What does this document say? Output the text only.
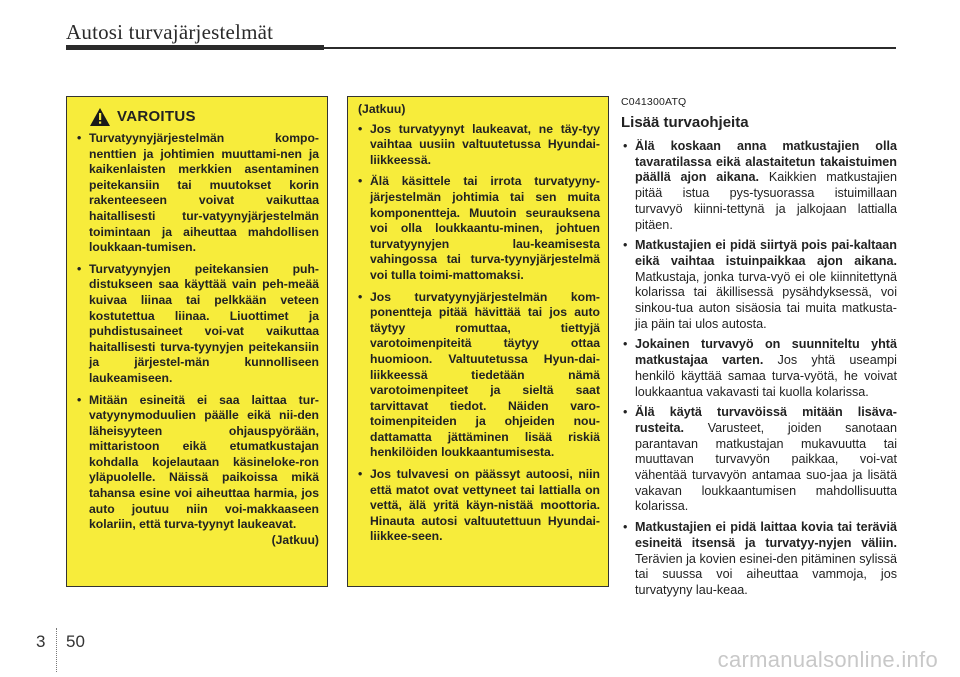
Autosi turvajärjestelmät
VAROITUS
• Turvatyynyjärjestelmän kompo-nenttien ja johtimien muuttami-nen ja kaikenlaisten merkkien asentaminen peitekansiin tai muutokset korin rakenteeseen voivat vaikuttaa haitallisesti tur-vatyynyjärjestelmän toimintaan ja aiheuttaa mahdollisen loukkaan-tumisen.
• Turvatyynyjen peitekansien puh-distukseen saa käyttää vain peh-meää kuivaa liinaa tai pelkkään veteen kostutettua liinaa. Liuottimet ja puhdistusaineet voi-vat vaikuttaa haitallisesti turva-tyynyjen peitekansiin ja järjestel-män kunnolliseen laukeamiseen.
• Mitään esineitä ei saa laittaa tur-vatyynymoduulien päälle eikä nii-den läheisyyteen ohjauspyörään, mittaristoon eikä etumatkustajan kohdalla kojelautaan käsineloke-ron yläpuolelle. Näissä paikoissa mikä tahansa esine voi aiheuttaa harmia, jos auto joutuu niin voi-makkaaseen kolariin, että turva-tyynyt laukeavat.
(Jatkuu)
(Jatkuu)
• Jos turvatyynyt laukeavat, ne täy-tyy vaihtaa uusiin valtuutetussa Hyundai-liikkeessä.
• Älä käsittele tai irrota turvatyyny-järjestelmän johtimia tai sen muita komponentteja. Muutoin seurauksena voi olla loukkaantu-minen, johtuen turvatyynyjen lau-keamisesta vahingossa tai turva-tyynyjärjestelmä voi tulla toimi-mattomaksi.
• Jos turvatyynyjärjestelmän kom-ponentteja pitää hävittää tai jos auto täytyy romuttaa, tiettyjä varotoimenpiteitä täytyy ottaa huomioon. Valtuutetussa Hyun-dai-liikkeessä tiedetään nämä varotoimenpiteet ja sieltä saat tarvittavat tiedot. Näiden varo-toimenpiteiden ja ohjeiden nou-dattamatta jättäminen lisää riskiä henkilöiden loukkaantumisesta.
• Jos tulvavesi on päässyt autoosi, niin että matot ovat vettyneet tai lattialla on vettä, älä yritä käyn-nistää moottoria. Hinauta autosi valtuutettuun Hyundai-liikkee-seen.
C041300ATQ
Lisää turvaohjeita
• Älä koskaan anna matkustajien olla tavaratilassa eikä alastaitetun takaistuimen päällä ajon aikana. Kaikkien matkustajien pitää istua pys-tysuorassa istuimillaan turvavyö kiinni-tettynä ja jalkojaan lattialla pitäen.
• Matkustajien ei pidä siirtyä pois pai-kaltaan eikä vaihtaa istuinpaikkaa ajon aikana. Matkustaja, jonka turva-vyö ei ole kiinnitettynä kolarissa tai äkillisessä pysähdyksessä, voi sinkou-tua auton sisäosia tai muita matkusta-jia päin tai ulos autosta.
• Jokainen turvavyö on suunniteltu yhtä matkustajaa varten. Jos yhtä useampi henkilö käyttää samaa turva-vyötä, he voivat loukkaantua vakavasti tai kuolla kolarissa.
• Älä käytä turvavöissä mitään lisäva-rusteita. Varusteet, joiden sanotaan parantavan matkustajan mukavuutta tai muuttavan turvavyön paikkaa, voi-vat vähentää turvavyön antamaa suo-jaa ja lisätä vakavan loukkaantumisen mahdollisuutta kolarissa.
• Matkustajien ei pidä laittaa kovia tai teräviä esineitä itsensä ja turvatyy-nyjen väliin. Terävien ja kovien esinei-den pitäminen sylissä tai suussa voi aiheuttaa vammoja, jos turvatyyny lau-keaa.
3 50
carmanualsonline.info
